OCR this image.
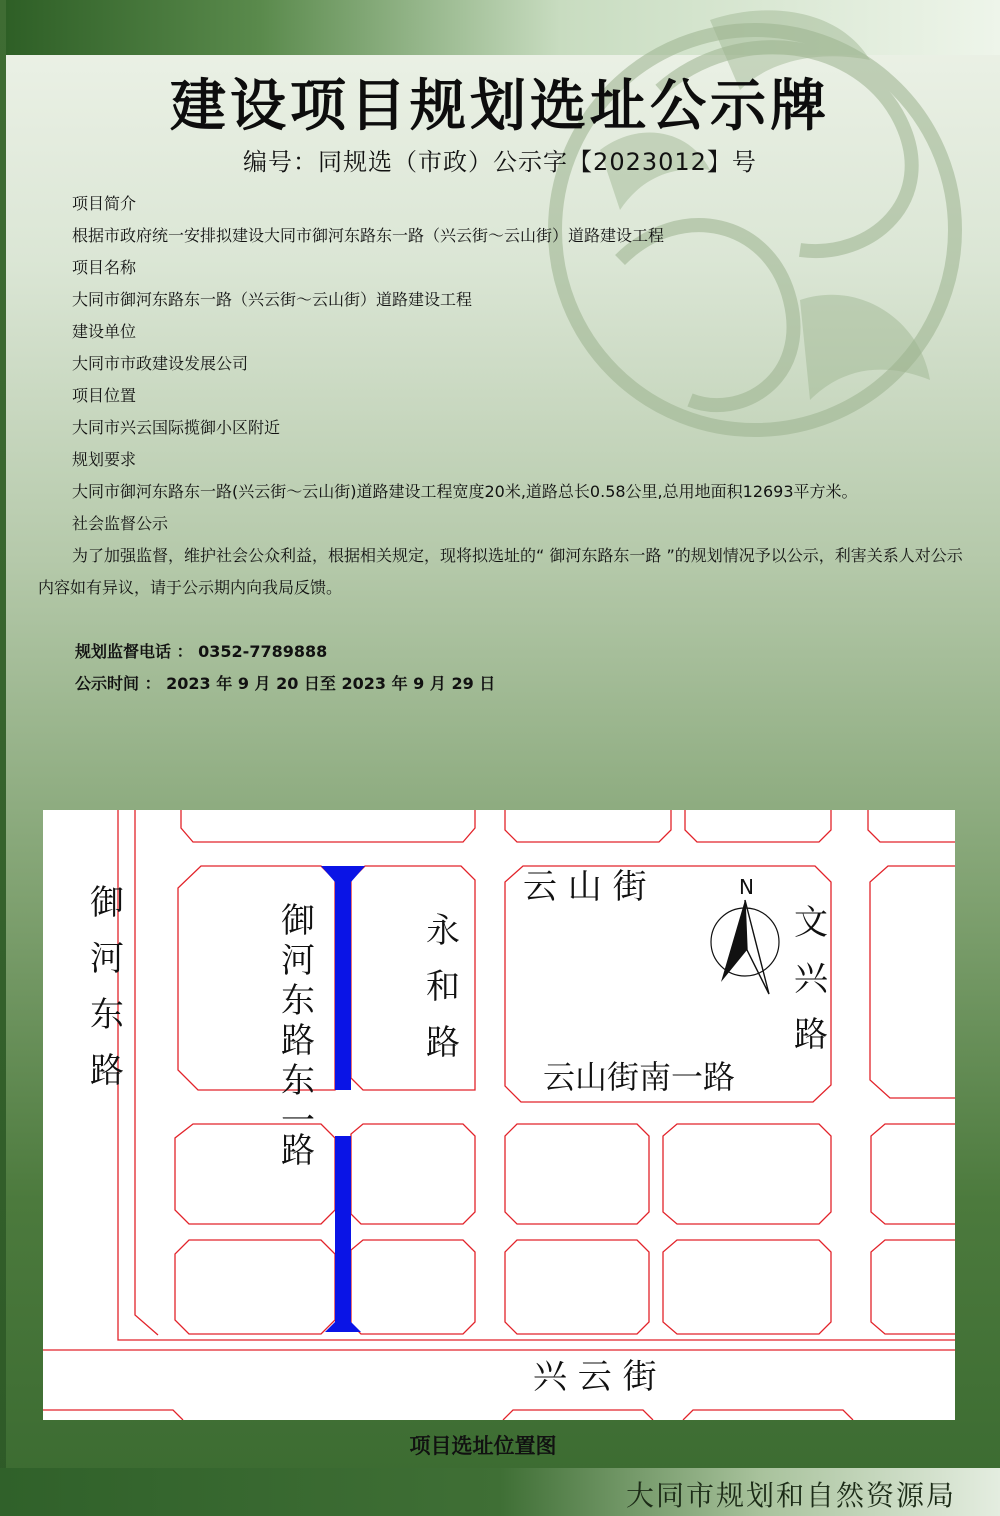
建设项目规划选址公示牌
编号：同规选（市政）公示字【2023012】号
项目简介
根据市政府统一安排拟建设大同市御河东路东一路（兴云街～云山街）道路建设工程
项目名称
大同市御河东路东一路（兴云街～云山街）道路建设工程
建设单位
大同市市政建设发展公司
项目位置
大同市兴云国际揽御小区附近
规划要求
大同市御河东路东一路(兴云街～云山街)道路建设工程宽度20米,道路总长0.58公里,总用地面积12693平方米。
社会监督公示
为了加强监督，维护社会公众利益，根据相关规定，现将拟选址的“ 御河东路东一路 ”的规划情况予以公示，利害关系人对公示内容如有异议，请于公示期内向我局反馈。
规划监督电话 ： 0352-7789888
公示时间 ： 2023 年 9 月 20 日至 2023 年 9 月 29 日
N
御河东路
御河东路东一路
永和路
云 山 街
文兴路
云山街南一路
兴 云 街
项目选址位置图
大同市规划和自然资源局
